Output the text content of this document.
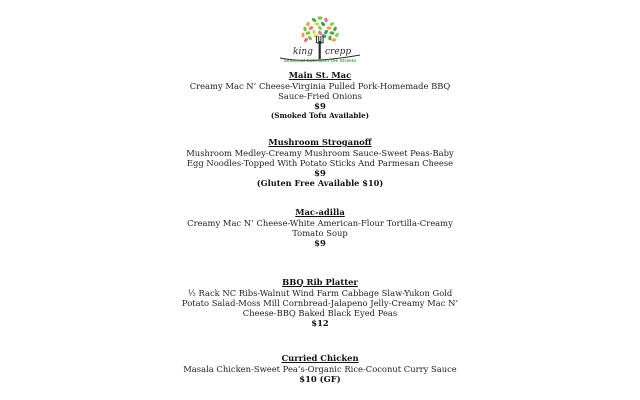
king crepp
Seasonal Eats Meet the Streets
Main St. Mac
Creamy Mac N’ Cheese-Virginia Pulled Pork-Homemade BBQ Sauce-Fried Onions
$9
(Smoked Tofu Available)
Mushroom Stroganoff
Mushroom Medley-Creamy Mushroom Sauce-Sweet Peas-Baby Egg Noodles-Topped With Potato Sticks And Parmesan Cheese
$9
(Gluten Free Available $10)
Mac-adilla
Creamy Mac N’ Cheese-White American-Flour Tortilla-Creamy Tomato Soup
$9
BBQ Rib Platter
½ Rack NC Ribs-Walnut Wind Farm Cabbage Slaw-Yukon Gold Potato Salad-Moss Mill Cornbread-Jalapeno Jelly-Creamy Mac N’ Cheese-BBQ Baked Black Eyed Peas
$12
Curried Chicken
Masala Chicken-Sweet Pea’s-Organic Rice-Coconut Curry Sauce
$10 (GF)
